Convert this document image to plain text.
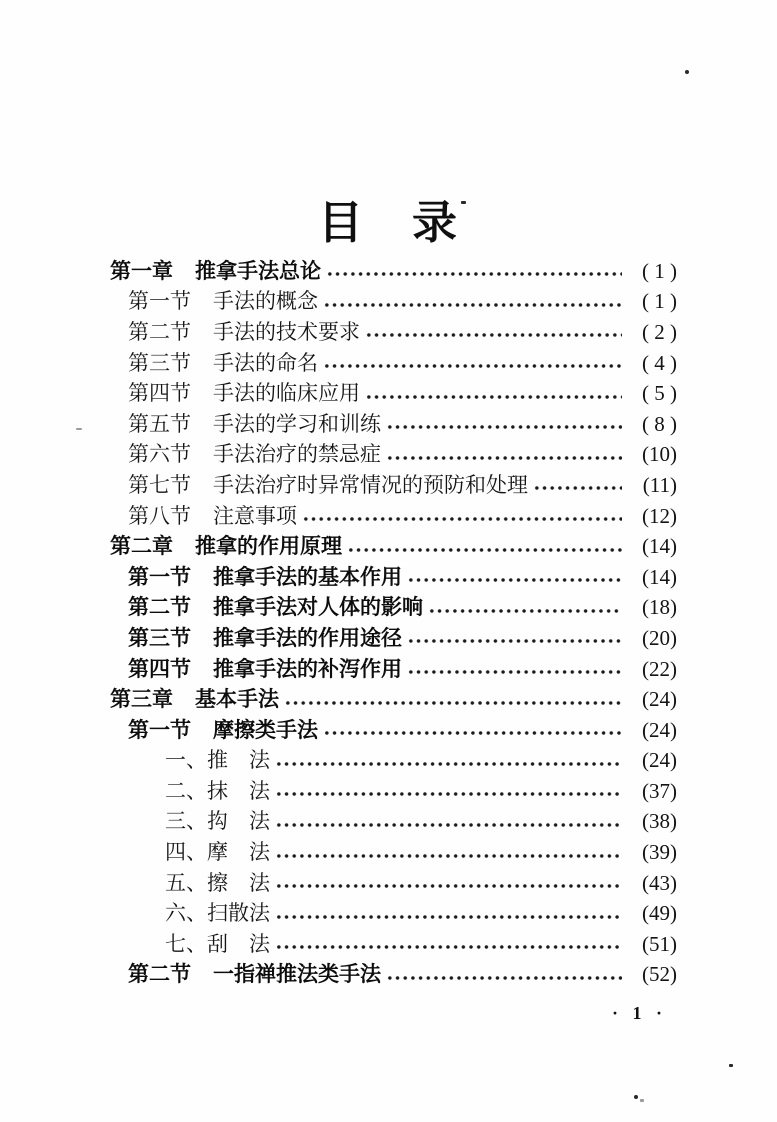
目　录
第一章 推拿手法总论	( 1 )
第一节 手法的概念	( 1 )
第二节 手法的技术要求	( 2 )
第三节 手法的命名	( 4 )
第四节 手法的临床应用	( 5 )
第五节 手法的学习和训练	( 8 )
第六节 手法治疗的禁忌症	(10)
第七节 手法治疗时异常情况的预防和处理	(11)
第八节 注意事项	(12)
第二章 推拿的作用原理	(14)
第一节 推拿手法的基本作用	(14)
第二节 推拿手法对人体的影响	(18)
第三节 推拿手法的作用途径	(20)
第四节 推拿手法的补泻作用	(22)
第三章 基本手法	(24)
第一节 摩擦类手法	(24)
一、 推　法	(24)
二、 抹　法	(37)
三、 抅　法	(38)
四、 摩　法	(39)
五、 擦　法	(43)
六、 扫散法	(49)
七、 刮　法	(51)
第二节 一指禅推法类手法	(52)
· 1 ·
